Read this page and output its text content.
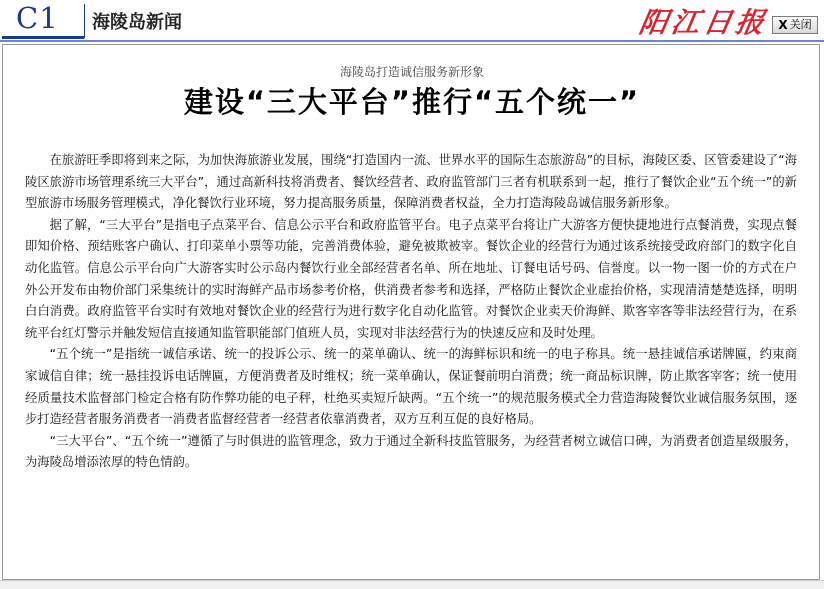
C1 海陵岛新闻	阳江日报 X 关闭
海陵岛打造诚信服务新形象
建设“三大平台”推行“五个统一”

在旅游旺季即将到来之际，为加快海旅游业发展，围绕“打造国内一流、世界水平的国际生态旅游岛”的目标，海陵区委、区管委建设了“海陵区旅游市场管理系统三大平台”，通过高新科技将消费者、餐饮经营者、政府监管部门三者有机联系到一起，推行了餐饮企业“五个统一”的新型旅游市场服务管理模式，净化餐饮行业环境，努力提高服务质量，保障消费者权益，全力打造海陵岛诚信服务新形象。

据了解，“三大平台”是指电子点菜平台、信息公示平台和政府监管平台。电子点菜平台将让广大游客方便快捷地进行点餐消费，实现点餐即知价格、预结账客户确认、打印菜单小票等功能，完善消费体验，避免被欺被宰。餐饮企业的经营行为通过该系统接受政府部门的数字化自动化监管。信息公示平台向广大游客实时公示岛内餐饮行业全部经营者名单、所在地址、订餐电话号码、信誉度。以一物一图一价的方式在户外公开发布由物价部门采集统计的实时海鲜产品市场参考价格，供消费者参考和选择，严格防止餐饮企业虚抬价格，实现清清楚楚选择，明明白白消费。政府监管平台实时有效地对餐饮企业的经营行为进行数字化自动化监管。对餐饮企业卖天价海鲜、欺客宰客等非法经营行为，在系统平台红灯警示并触发短信直接通知监管职能部门值班人员，实现对非法经营行为的快速反应和及时处理。

“五个统一”是指统一诚信承诺、统一的投诉公示、统一的菜单确认、统一的海鲜标识和统一的电子称具。统一悬挂诚信承诺牌匾，约束商家诚信自律；统一悬挂投诉电话牌匾，方便消费者及时维权；统一菜单确认，保证餐前明白消费；统一商品标识牌，防止欺客宰客；统一使用经质量技术监督部门检定合格有防作弊功能的电子秤，杜绝买卖短斤缺两。“五个统一”的规范服务模式全力营造海陵餐饮业诚信服务氛围，逐步打造经营者服务消费者一消费者监督经营者一经营者依靠消费者，双方互利互促的良好格局。

“三大平台”、“五个统一”遵循了与时俱进的监管理念，致力于通过全新科技监管服务，为经营者树立诚信口碑，为消费者创造星级服务，为海陵岛增添浓厚的特色情韵。
